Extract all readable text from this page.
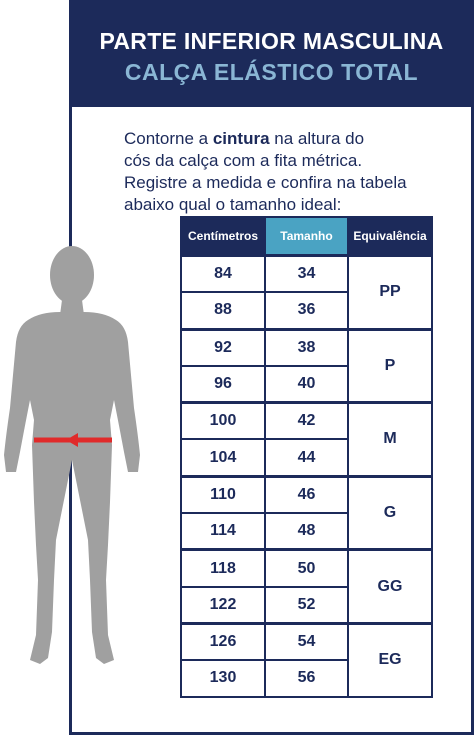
PARTE INFERIOR MASCULINA
CALÇA ELÁSTICO TOTAL
Contorne a cintura na altura do
cós da calça com a fita métrica.
Registre a medida e confira na tabela
abaixo qual o tamanho ideal:
Centímetros	Tamanho	Equivalência
84	34	PP
88	36	
92	38	P
96	40	
100	42	M
104	44	
110	46	G
114	48	
118	50	GG
122	52	
126	54	EG
130	56	
